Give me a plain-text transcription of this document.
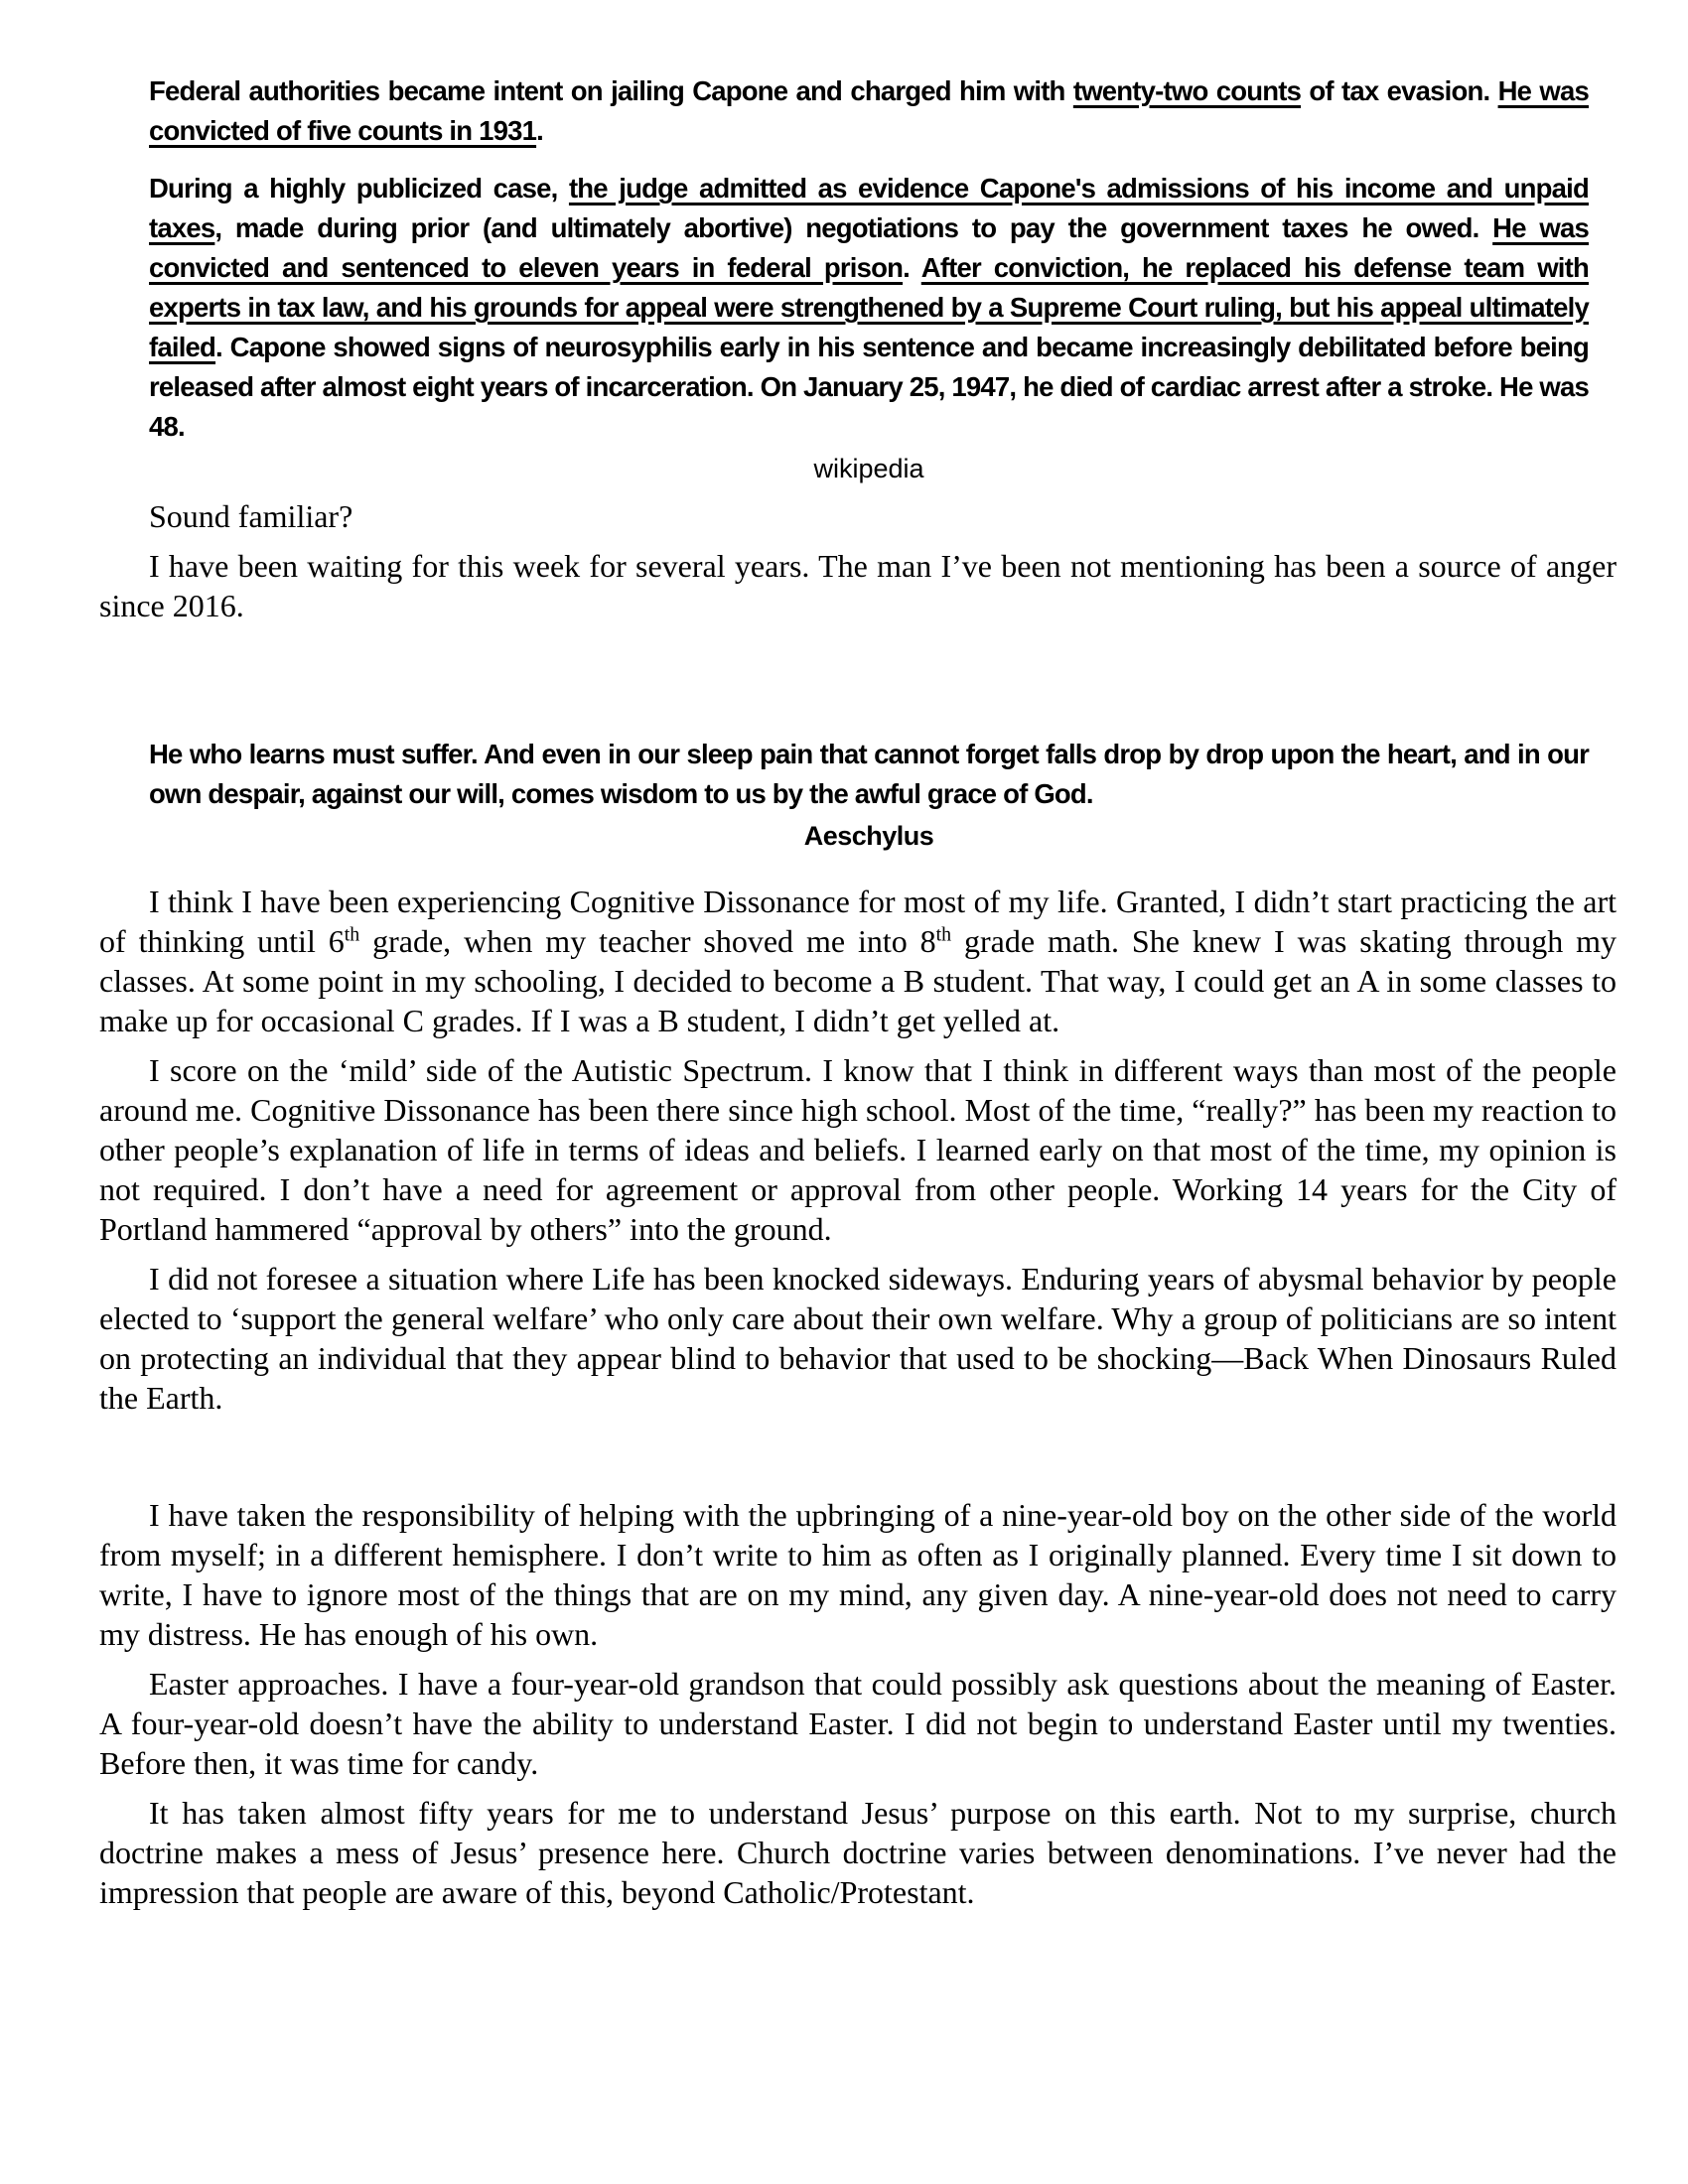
Federal authorities became intent on jailing Capone and charged him with twenty-two counts of tax evasion. He was convicted of five counts in 1931.

During a highly publicized case, the judge admitted as evidence Capone's admissions of his income and unpaid taxes, made during prior (and ultimately abortive) negotiations to pay the government taxes he owed. He was convicted and sentenced to eleven years in federal prison. After conviction, he replaced his defense team with experts in tax law, and his grounds for appeal were strengthened by a Supreme Court ruling, but his appeal ultimately failed. Capone showed signs of neurosyphilis early in his sentence and became increasingly debilitated before being released after almost eight years of incarceration. On January 25, 1947, he died of cardiac arrest after a stroke. He was 48.

wikipedia

Sound familiar?

I have been waiting for this week for several years. The man I’ve been not mentioning has been a source of anger since 2016.

He who learns must suffer. And even in our sleep pain that cannot forget falls drop by drop upon the heart, and in our own despair, against our will, comes wisdom to us by the awful grace of God.

Aeschylus

I think I have been experiencing Cognitive Dissonance for most of my life. Granted, I didn’t start practicing the art of thinking until 6th grade, when my teacher shoved me into 8th grade math. She knew I was skating through my classes. At some point in my schooling, I decided to become a B student. That way, I could get an A in some classes to make up for occasional C grades. If I was a B student, I didn’t get yelled at.

I score on the ‘mild’ side of the Autistic Spectrum. I know that I think in different ways than most of the people around me. Cognitive Dissonance has been there since high school. Most of the time, “really?” has been my reaction to other people’s explanation of life in terms of ideas and beliefs. I learned early on that most of the time, my opinion is not required. I don’t have a need for agreement or approval from other people. Working 14 years for the City of Portland hammered “approval by others” into the ground.

I did not foresee a situation where Life has been knocked sideways. Enduring years of abysmal behavior by people elected to ‘support the general welfare’ who only care about their own welfare. Why a group of politicians are so intent on protecting an individual that they appear blind to behavior that used to be shocking—Back When Dinosaurs Ruled the Earth.

I have taken the responsibility of helping with the upbringing of a nine-year-old boy on the other side of the world from myself; in a different hemisphere. I don’t write to him as often as I originally planned. Every time I sit down to write, I have to ignore most of the things that are on my mind, any given day. A nine-year-old does not need to carry my distress. He has enough of his own.

Easter approaches. I have a four-year-old grandson that could possibly ask questions about the meaning of Easter. A four-year-old doesn’t have the ability to understand Easter. I did not begin to understand Easter until my twenties. Before then, it was time for candy.

It has taken almost fifty years for me to understand Jesus’ purpose on this earth. Not to my surprise, church doctrine makes a mess of Jesus’ presence here. Church doctrine varies between denominations. I’ve never had the impression that people are aware of this, beyond Catholic/Protestant.
